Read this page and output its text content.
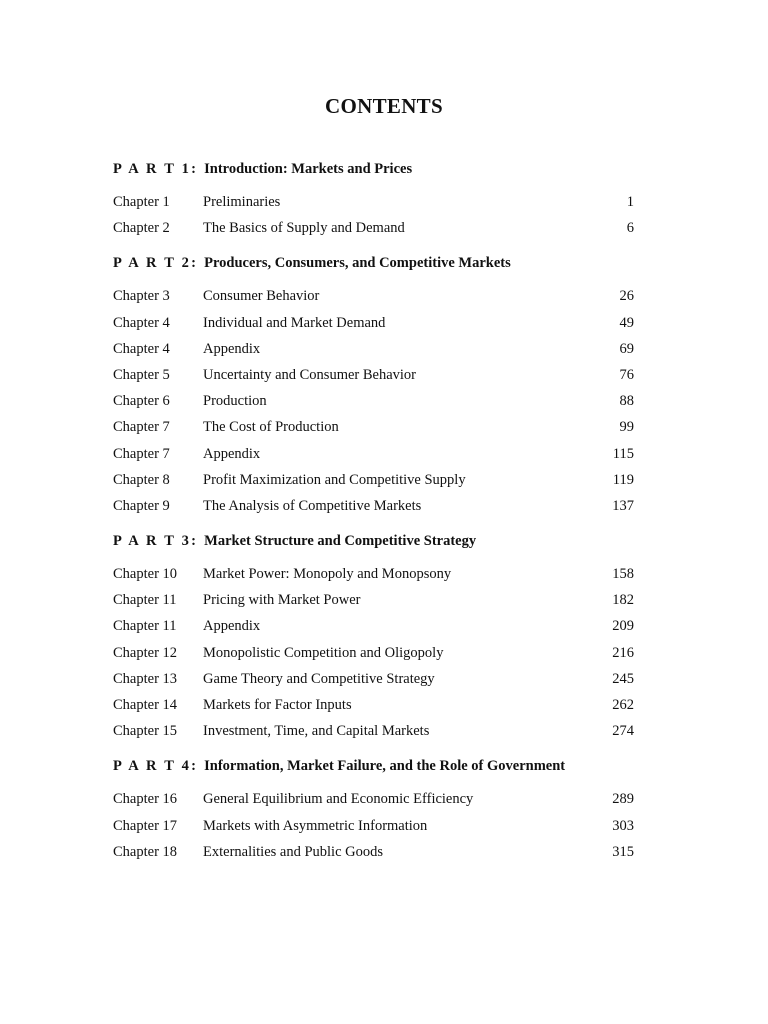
CONTENTS
P A R T 1: Introduction: Markets and Prices
Chapter 1	Preliminaries	1
Chapter 2	The Basics of Supply and Demand	6
P A R T 2: Producers, Consumers, and Competitive Markets
Chapter 3	Consumer Behavior	26
Chapter 4	Individual and Market Demand	49
Chapter 4	Appendix	69
Chapter 5	Uncertainty and Consumer Behavior	76
Chapter 6	Production	88
Chapter 7	The Cost of Production	99
Chapter 7	Appendix	115
Chapter 8	Profit Maximization and Competitive Supply	119
Chapter 9	The Analysis of Competitive Markets	137
P A R T 3: Market Structure and Competitive Strategy
Chapter 10	Market Power: Monopoly and Monopsony	158
Chapter 11	Pricing with Market Power	182
Chapter 11	Appendix	209
Chapter 12	Monopolistic Competition and Oligopoly	216
Chapter 13	Game Theory and Competitive Strategy	245
Chapter 14	Markets for Factor Inputs	262
Chapter 15	Investment, Time, and Capital Markets	274
P A R T 4: Information, Market Failure, and the Role of Government
Chapter 16	General Equilibrium and Economic Efficiency	289
Chapter 17	Markets with Asymmetric Information	303
Chapter 18	Externalities and Public Goods	315
